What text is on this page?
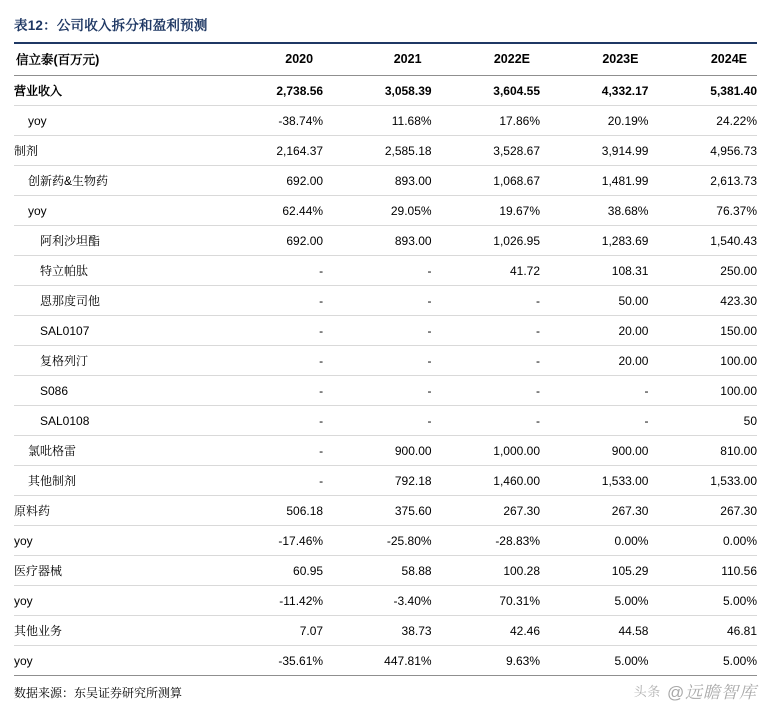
表12：公司收入拆分和盈利预测
信立泰(百万元)	2020	2021	2022E	2023E	2024E
营业收入	2,738.56	3,058.39	3,604.55	4,332.17	5,381.40
yoy	-38.74%	11.68%	17.86%	20.19%	24.22%
制剂	2,164.37	2,585.18	3,528.67	3,914.99	4,956.73
创新药&生物药	692.00	893.00	1,068.67	1,481.99	2,613.73
yoy	62.44%	29.05%	19.67%	38.68%	76.37%
阿利沙坦酯	692.00	893.00	1,026.95	1,283.69	1,540.43
特立帕肽	-	-	41.72	108.31	250.00
恩那度司他	-	-	-	50.00	423.30
SAL0107	-	-	-	20.00	150.00
复格列汀	-	-	-	20.00	100.00
S086	-	-	-	-	100.00
SAL0108	-	-	-	-	50
氯吡格雷	-	900.00	1,000.00	900.00	810.00
其他制剂	-	792.18	1,460.00	1,533.00	1,533.00
原料药	506.18	375.60	267.30	267.30	267.30
yoy	-17.46%	-25.80%	-28.83%	0.00%	0.00%
医疗器械	60.95	58.88	100.28	105.29	110.56
yoy	-11.42%	-3.40%	70.31%	5.00%	5.00%
其他业务	7.07	38.73	42.46	44.58	46.81
yoy	-35.61%	447.81%	9.63%	5.00%	5.00%
数据来源：东吴证券研究所测算	头条 @远瞻智库
